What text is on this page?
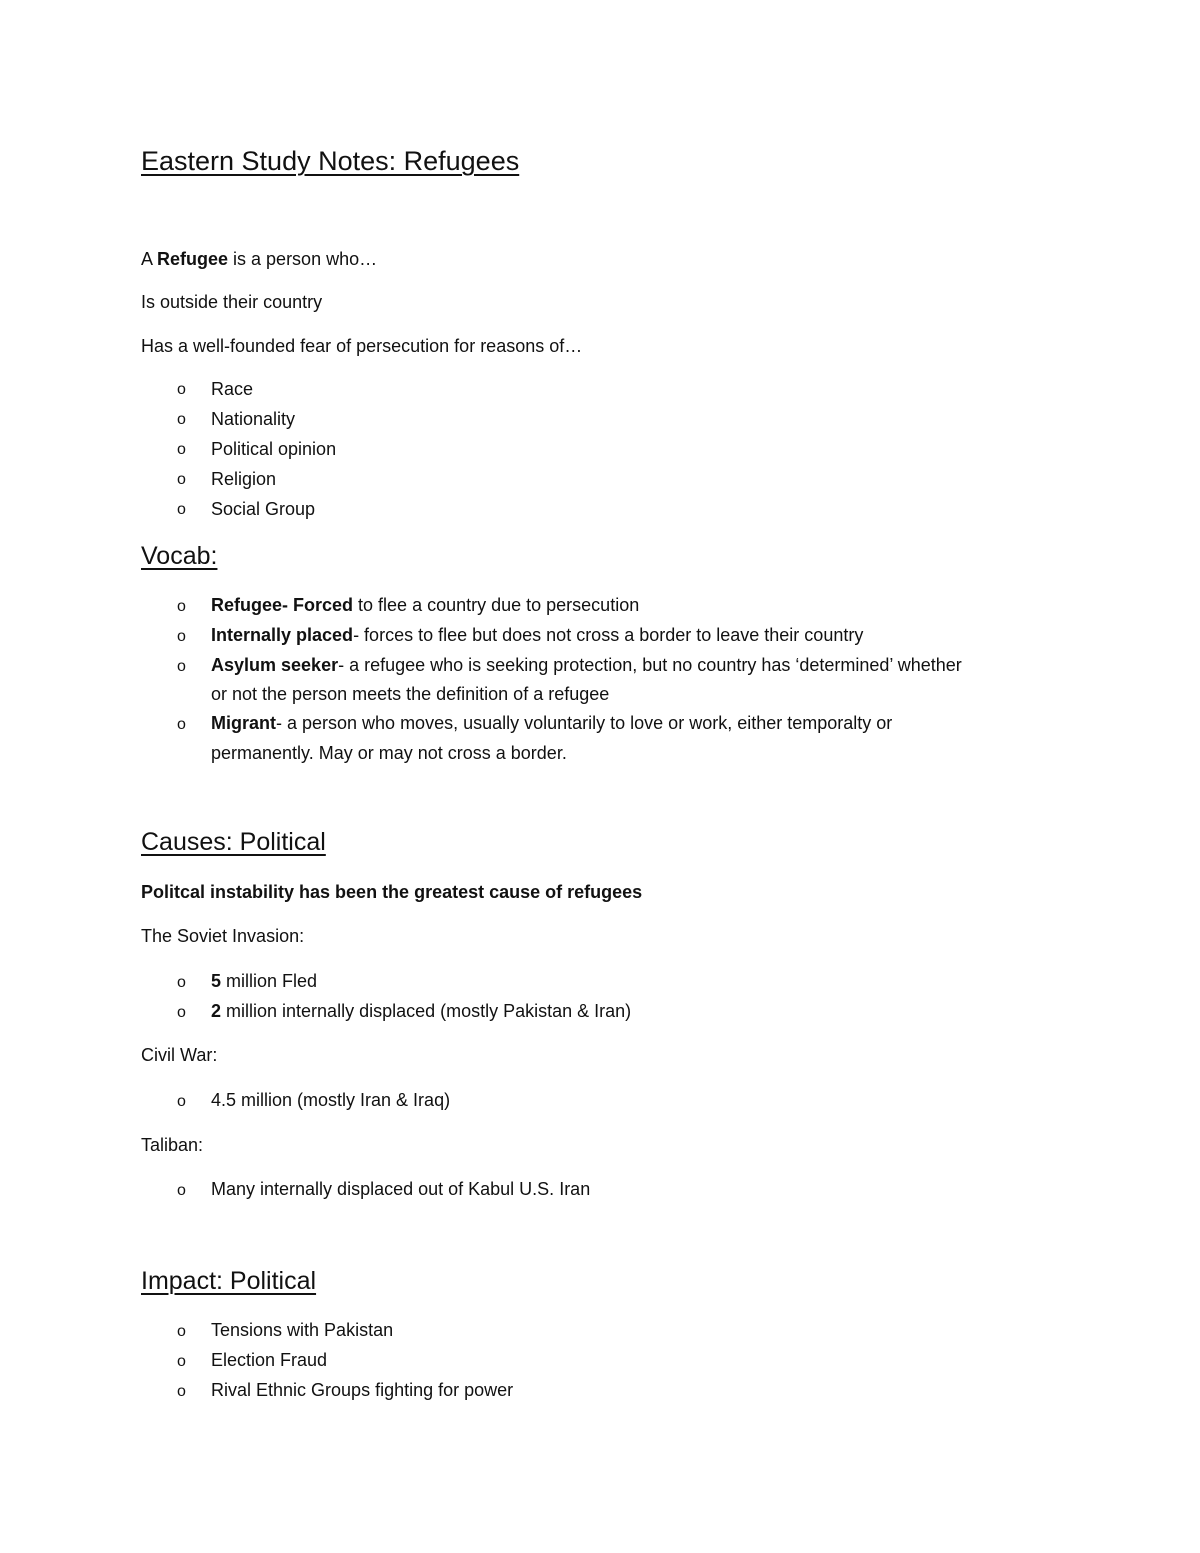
Eastern Study Notes: Refugees
A Refugee is a person who…
Is outside their country
Has a well-founded fear of persecution for reasons of…
o Race
o Nationality
o Political opinion
o Religion
o Social Group
Vocab:
o Refugee- Forced to flee a country due to persecution
o Internally placed- forces to flee but does not cross a border to leave their country
o Asylum seeker- a refugee who is seeking protection, but no country has ‘determined’ whether
or not the person meets the definition of a refugee
o Migrant- a person who moves, usually voluntarily to love or work, either temporalty or
permanently. May or may not cross a border.
Causes: Political
Politcal instability has been the greatest cause of refugees
The Soviet Invasion:
o 5 million Fled
o 2 million internally displaced (mostly Pakistan & Iran)
Civil War:
o 4.5 million (mostly Iran & Iraq)
Taliban:
o Many internally displaced out of Kabul U.S. Iran
Impact: Political
o Tensions with Pakistan
o Election Fraud
o Rival Ethnic Groups fighting for power
